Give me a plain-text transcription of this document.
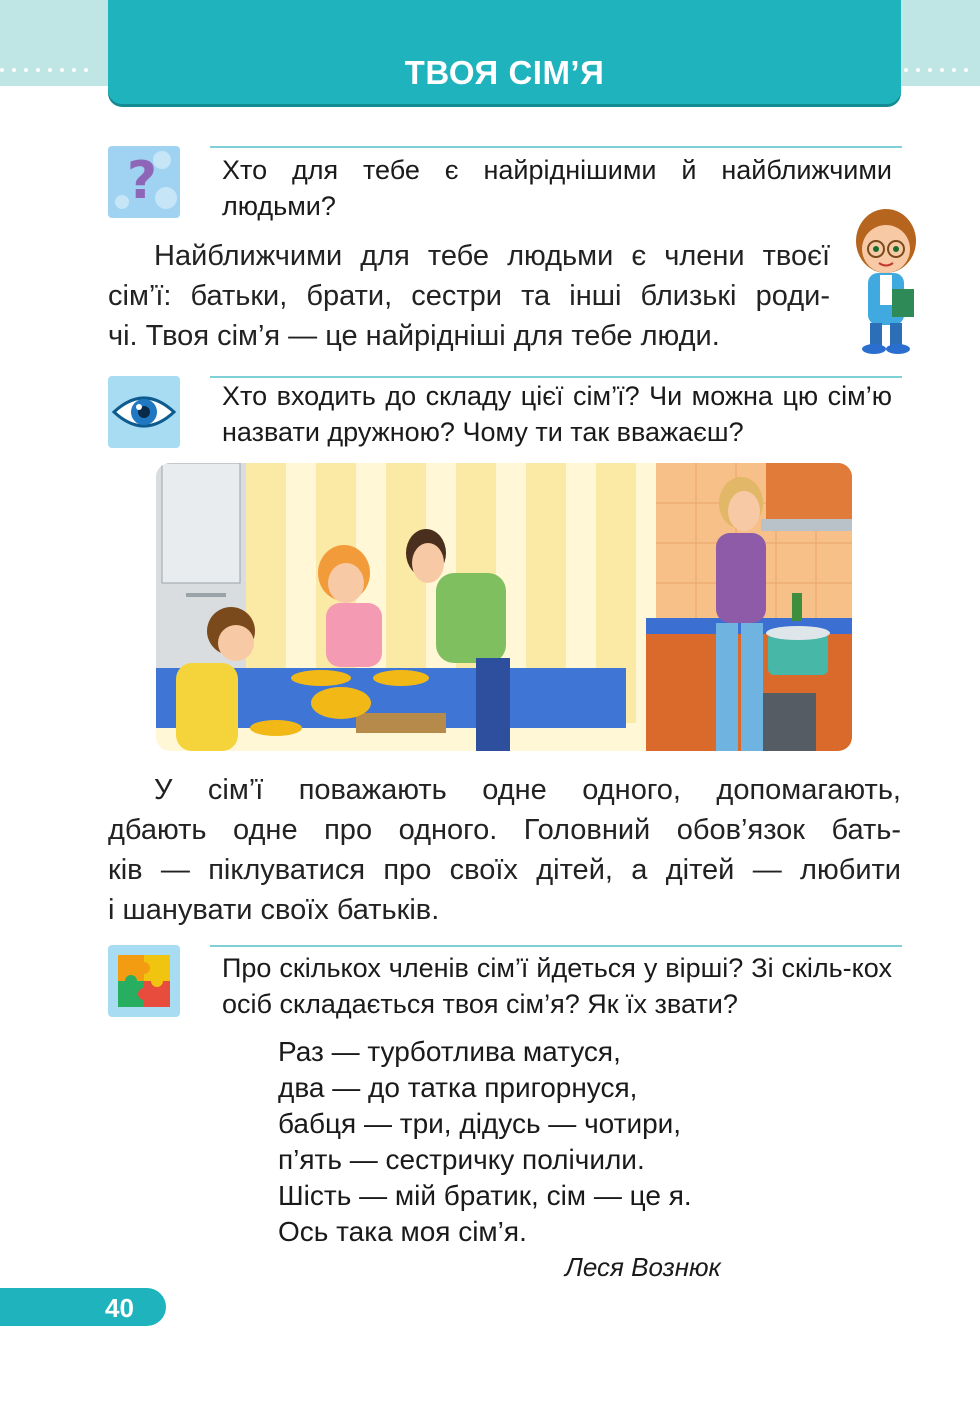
ТВОЯ СІМ’Я
? Хто для тебе є найріднішими й найближчими людьми?
Найближчими для тебе людьми є члени твоєї
сім’ї: батьки, брати, сестри та інші близькі роди-
чі. Твоя сім’я — це найрідніші для тебе люди.
Хто входить до складу цієї сім’ї? Чи можна цю сім’ю назвати дружною? Чому ти так вважаєш?
У сім’ї поважають одне одного, допомагають,
дбають одне про одного. Головний обов’язок бать-
ків — піклуватися про своїх дітей, а дітей — любити
і шанувати своїх батьків.
Про скількох членів сім’ї йдеться у вірші? Зі скіль-кох осіб складається твоя сім’я? Як їх звати?
Раз — турботлива матуся,
два — до татка пригорнуся,
бабця — три, дідусь — чотири,
п’ять — сестричку полічили.
Шість — мій братик, сім — це я.
Ось така моя сім’я.
Леся Вознюк
40
